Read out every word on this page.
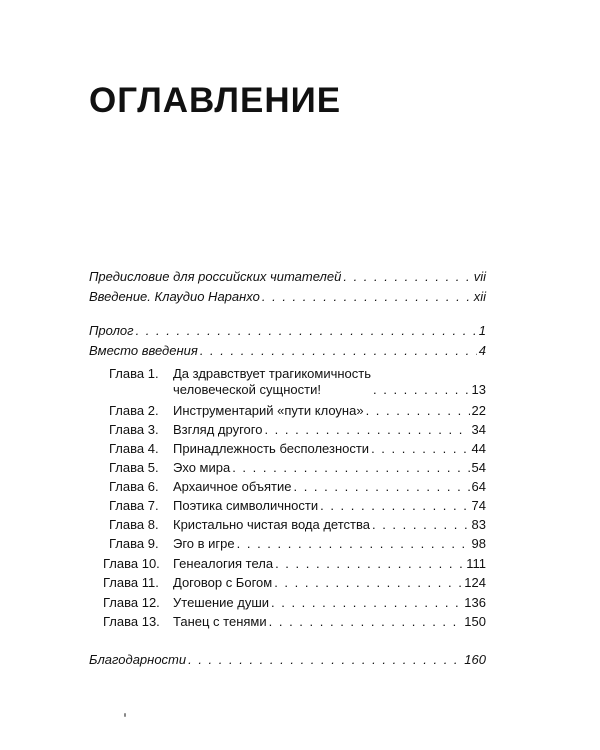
ОГЛАВЛЕНИЕ
Предисловие для российских читателей . . .	vii
Введение. Клаудио Наранхо . . .	xii
Пролог . . .	1
Вместо введения . . .	4
Глава 1.	Да здравствует трагикомичность
человеческой сущности! . . .	13
Глава 2.	Инструментарий «пути клоуна» . . .	22
Глава 3.	Взгляд другого . . .	34
Глава 4.	Принадлежность бесполезности . . .	44
Глава 5.	Эхо мира . . .	54
Глава 6.	Архаичное объятие . . .	64
Глава 7.	Поэтика символичности . . .	74
Глава 8.	Кристально чистая вода детства . . .	83
Глава 9.	Эго в игре . . .	98
Глава 10.	Генеалогия тела . . .	111
Глава 11.	Договор с Богом . . .	124
Глава 12.	Утешение души . . .	136
Глава 13.	Танец с тенями . . .	150
Благодарности . . .	160
